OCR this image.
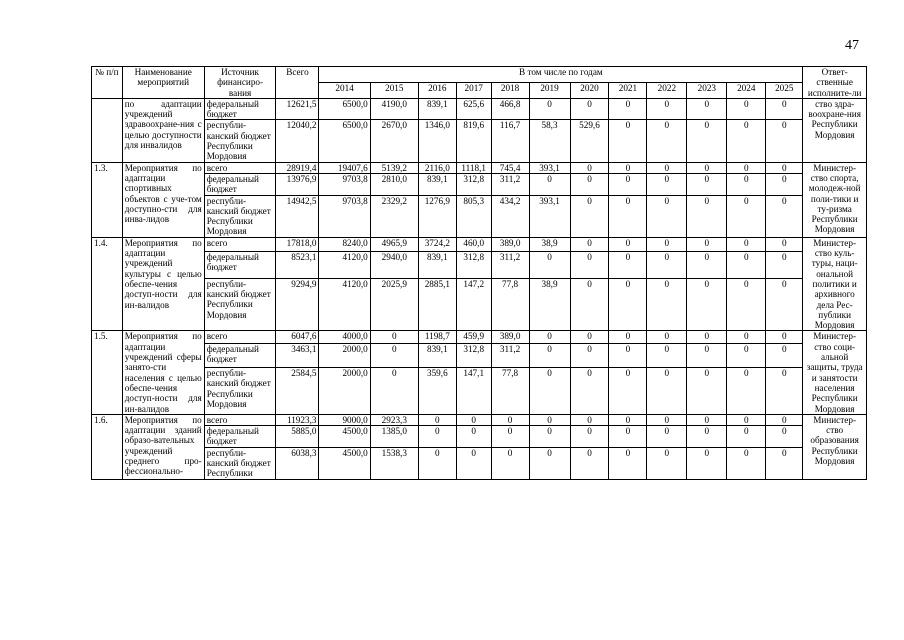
47
№ п/п	Наименование мероприятий	Источник финансиро-вания	Всего	В том числе по годам												Ответ-ственные исполните-ли
				2014	2015	2016	2017	2018	2019	2020	2021	2022	2023	2024	2025	
	по адаптации учреждений здравоохране-ния с целью доступности для инвалидов	федеральный бюджет	12621,5	6500,0	4190,0	839,1	625,6	466,8	0	0	0	0	0	0	0	ство здра-воохране-ния Республики Мордовия
		республи-канский бюджет Республики Мордовия	12040,2	6500,0	2670,0	1346,0	819,6	116,7	58,3	529,6	0	0	0	0	0	
1.3.	Мероприятия по адаптации спортивных объектов с уче-том доступно-сти для инва-лидов	всего	28919,4	19407,6	5139,2	2116,0	1118,1	745,4	393,1	0	0	0	0	0	0	Министер-ство спорта, молодеж-ной поли-тики и ту-ризма Республики Мордовия
		федеральный бюджет	13976,9	9703,8	2810,0	839,1	312,8	311,2	0	0	0	0	0	0	0	
		республи-канский бюджет Республики Мордовия	14942,5	9703,8	2329,2	1276,9	805,3	434,2	393,1	0	0	0	0	0	0	
1.4.	Мероприятия по адаптации учреждений культуры с целью обеспе-чения доступ-ности для ин-валидов	всего	17818,0	8240,0	4965,9	3724,2	460,0	389,0	38,9	0	0	0	0	0	0	Министер-ство куль-туры, наци-ональной политики и архивного дела Рес-публики Мордовия
		федеральный бюджет	8523,1	4120,0	2940,0	839,1	312,8	311,2	0	0	0	0	0	0	0	
		республи-канский бюджет Республики Мордовия	9294,9	4120,0	2025,9	2885,1	147,2	77,8	38,9	0	0	0	0	0	0	
1.5.	Мероприятия по адаптации учреждений сферы занято-сти населения с целью обеспе-чения доступ-ности для ин-валидов	всего	6047,6	4000,0	0	1198,7	459,9	389,0	0	0	0	0	0	0	0	Министер-ство соци-альной защиты, труда и занятости населения Республики Мордовия
		федеральный бюджет	3463,1	2000,0	0	839,1	312,8	311,2	0	0	0	0	0	0	0	
		республи-канский бюджет Республики Мордовия	2584,5	2000,0	0	359,6	147,1	77,8	0	0	0	0	0	0	0	
1.6.	Мероприятия по адаптации зданий образо-вательных учреждений среднего про-фессионально-	всего	11923,3	9000,0	2923,3	0	0	0	0	0	0	0	0	0	0	Министер-ство образования Республики Мордовия
		федеральный бюджет	5885,0	4500,0	1385,0	0	0	0	0	0	0	0	0	0	0	
		республи-канский бюджет Республики	6038,3	4500,0	1538,3	0	0	0	0	0	0	0	0	0	0	
